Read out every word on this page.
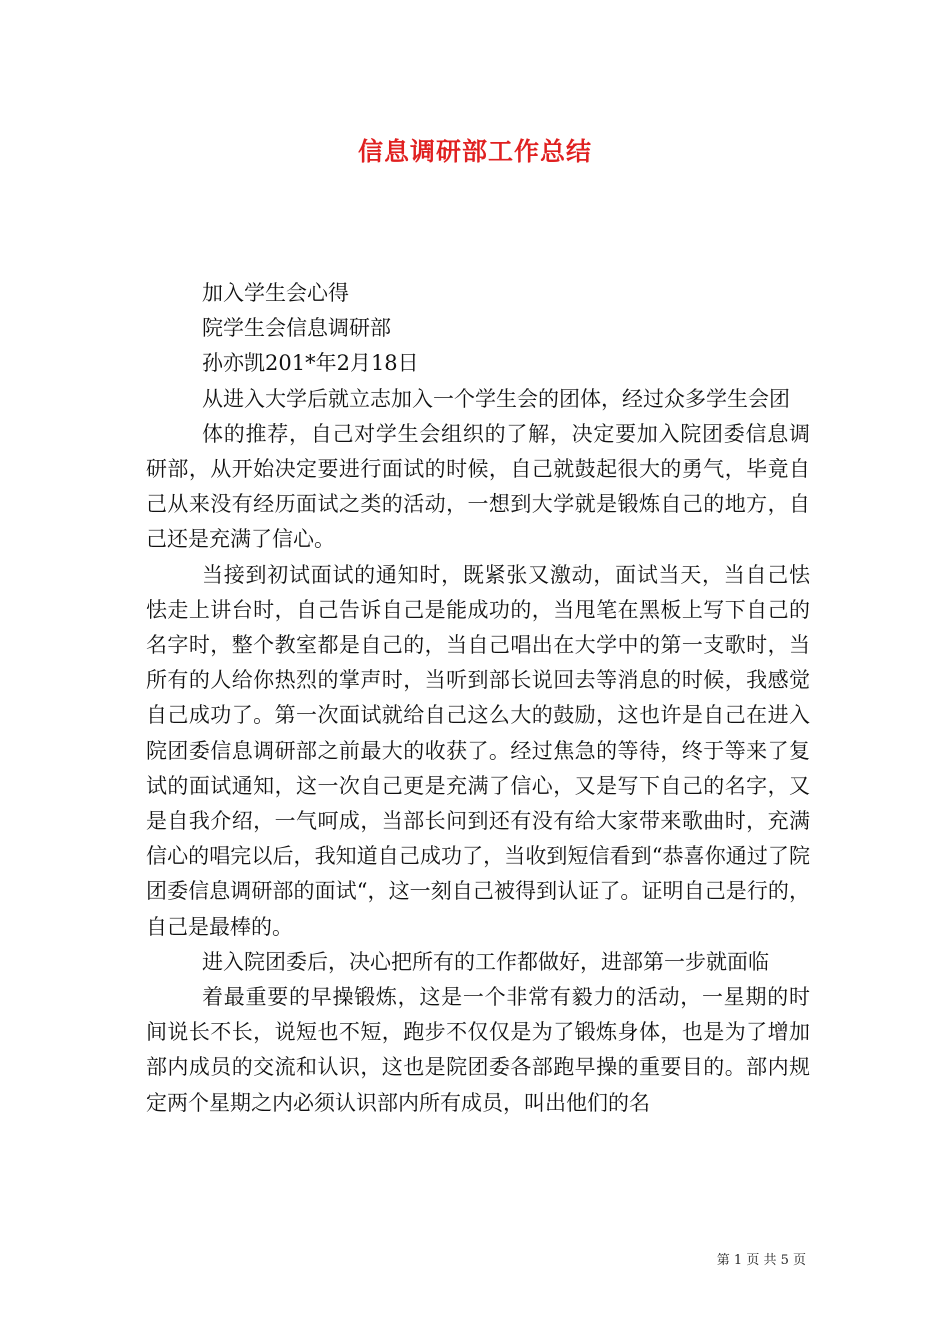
信息调研部工作总结

加入学生会心得

院学生会信息调研部

孙亦凯201*年2月18日

从进入大学后就立志加入一个学生会的团体，经过众多学生会团

体的推荐，自己对学生会组织的了解，决定要加入院团委信息调研部，从开始决定要进行面试的时候，自己就鼓起很大的勇气，毕竟自己从来没有经历面试之类的活动，一想到大学就是锻炼自己的地方，自己还是充满了信心。

当接到初试面试的通知时，既紧张又激动，面试当天，当自己怯怯走上讲台时，自己告诉自己是能成功的，当甩笔在黑板上写下自己的名字时，整个教室都是自己的，当自己唱出在大学中的第一支歌时，当所有的人给你热烈的掌声时，当听到部长说回去等消息的时候，我感觉自己成功了。第一次面试就给自己这么大的鼓励，这也许是自己在进入院团委信息调研部之前最大的收获了。经过焦急的等待，终于等来了复试的面试通知，这一次自己更是充满了信心，又是写下自己的名字，又是自我介绍，一气呵成，当部长问到还有没有给大家带来歌曲时，充满信心的唱完以后，我知道自己成功了，当收到短信看到“恭喜你通过了院团委信息调研部的面试“，这一刻自己被得到认证了。证明自己是行的，自己是最棒的。

进入院团委后，决心把所有的工作都做好，进部第一步就面临

着最重要的早操锻炼，这是一个非常有毅力的活动，一星期的时间说长不长，说短也不短，跑步不仅仅是为了锻炼身体，也是为了增加部内成员的交流和认识，这也是院团委各部跑早操的重要目的。部内规定两个星期之内必须认识部内所有成员，叫出他们的名

第 1 页 共 5 页
